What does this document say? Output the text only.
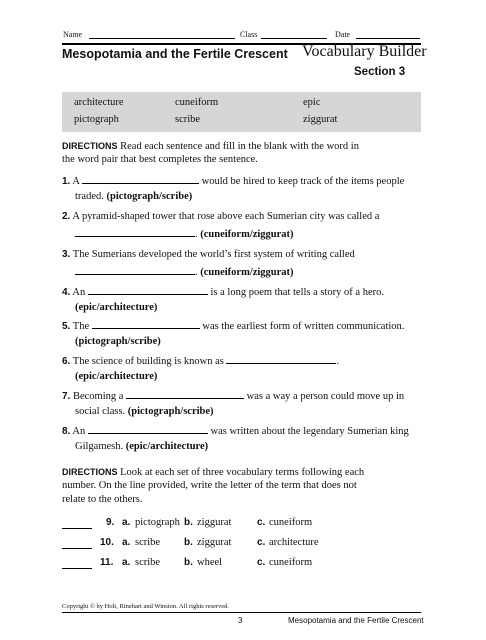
Name	Class	Date
Mesopotamia and the Fertile Crescent Vocabulary Builder
Section 3
architecture	cuneiform	epic
pictograph	scribe	ziggurat
DIRECTIONS Read each sentence and fill in the blank with the word in
the word pair that best completes the sentence.
1. A	would be hired to keep track of the items people
traded. (pictograph/scribe)
2. A pyramid-shaped tower that rose above each Sumerian city was called a
. (cuneiform/ziggurat)
3. The Sumerians developed the world’s first system of writing called
. (cuneiform/ziggurat)
4. An	is a long poem that tells a story of a hero.
(epic/architecture)
5. The	was the earliest form of written communication.
(pictograph/scribe)
6. The science of building is known as	.
(epic/architecture)
7. Becoming a	was a way a person could move up in
social class. (pictograph/scribe)
8. An	was written about the legendary Sumerian king
Gilgamesh. (epic/architecture)
DIRECTIONS Look at each set of three vocabulary terms following each
number. On the line provided, write the letter of the term that does not
relate to the others.
9. a. pictograph b. ziggurat	c. cuneiform
10. a. scribe b. ziggurat	c. architecture
11. a. scribe b. wheel	c. cuneiform
Copyright © by Holt, Rinehart and Winston. All rights reserved.
3	Mesopotamia and the Fertile Crescent
